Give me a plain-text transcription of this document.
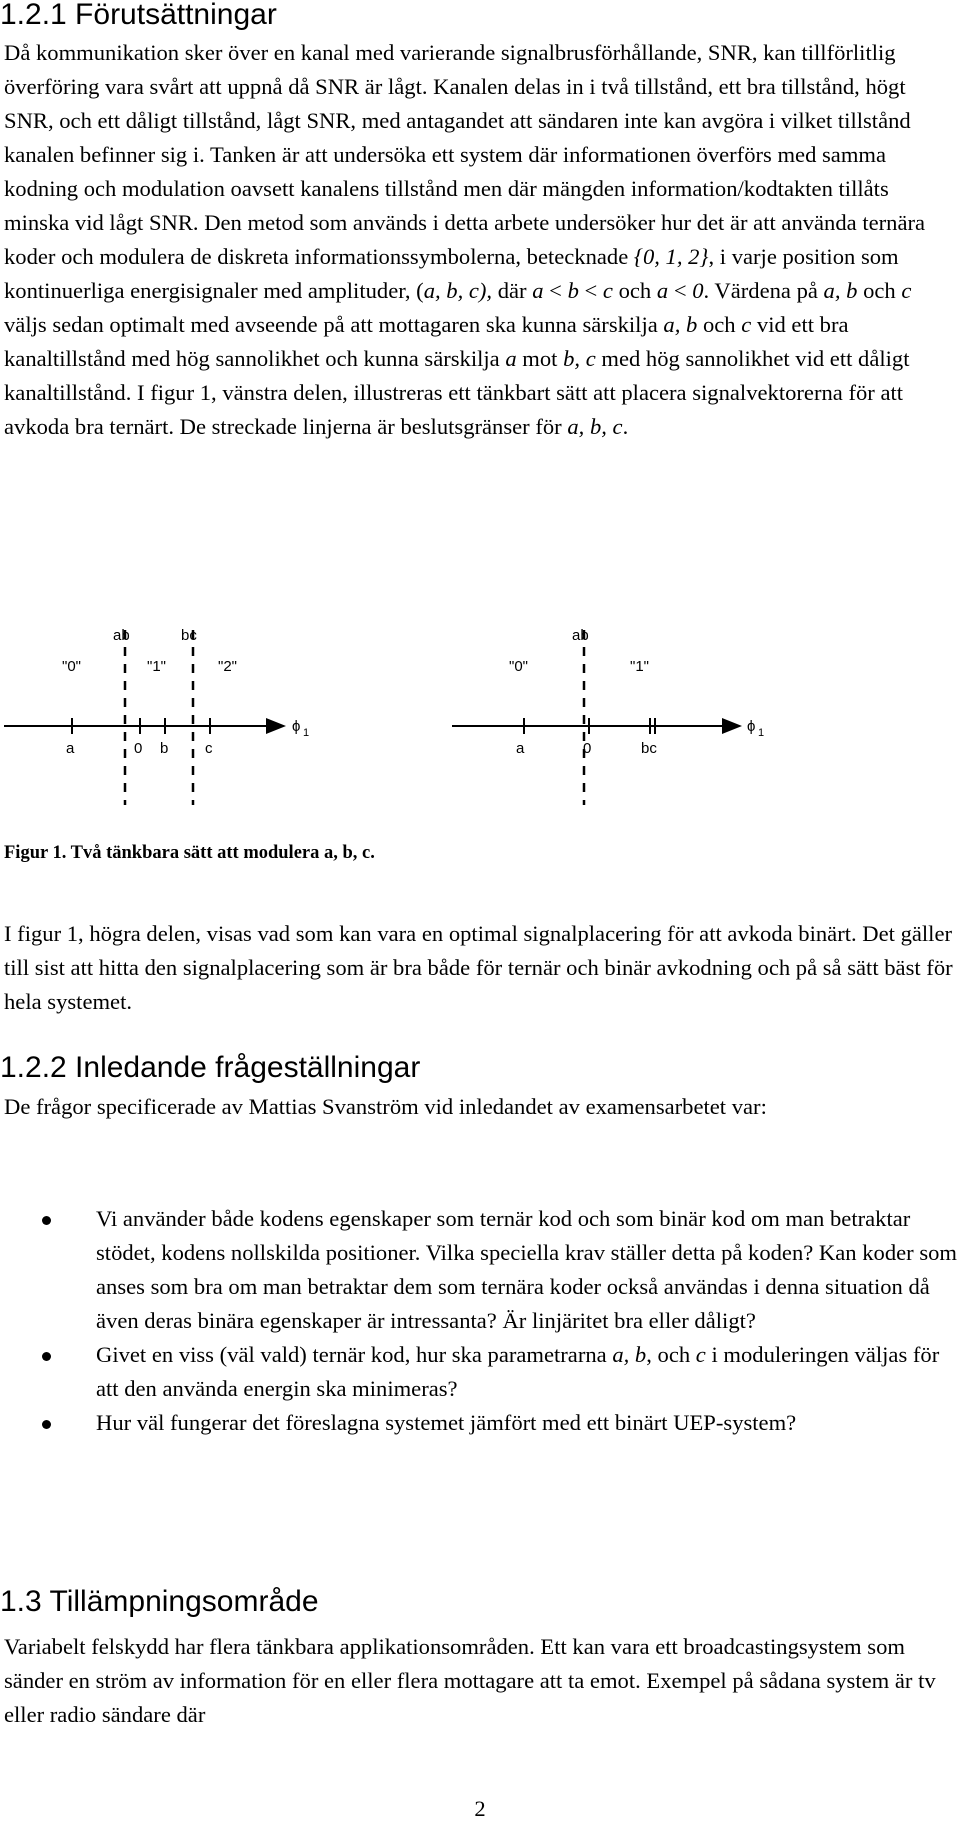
1.2.1 Förutsättningar

Då kommunikation sker över en kanal med varierande signalbrusförhållande, SNR, kan tillförlitlig överföring vara svårt att uppnå då SNR är lågt. Kanalen delas in i två tillstånd, ett bra tillstånd, högt SNR, och ett dåligt tillstånd, lågt SNR, med antagandet att sändaren inte kan avgöra i vilket tillstånd kanalen befinner sig i. Tanken är att undersöka ett system där informationen överförs med samma kodning och modulation oavsett kanalens tillstånd men där mängden information/kodtakten tillåts minska vid lågt SNR. Den metod som används i detta arbete undersöker hur det är att använda ternära koder och modulera de diskreta informationssymbolerna, betecknade {0, 1, 2}, i varje position som kontinuerliga energisignaler med amplituder, (a, b, c), där a < b < c och a < 0. Värdena på a, b och c väljs sedan optimalt med avseende på att mottagaren ska kunna särskilja a, b och c vid ett bra kanaltillstånd med hög sannolikhet och kunna särskilja a mot b, c med hög sannolikhet vid ett dåligt kanaltillstånd. I figur 1, vänstra delen, illustreras ett tänkbart sätt att placera signalvektorerna för att avkoda bra ternärt. De streckade linjerna är beslutsgränser för a, b, c.

ϕ 1
ab	bc
"0"	"1"	"2"
a	0 b c
ϕ 1
ab
"0"	"1"
a	0	bc

Figur 1. Två tänkbara sätt att modulera a, b, c.

I figur 1, högra delen, visas vad som kan vara en optimal signalplacering för att avkoda binärt. Det gäller till sist att hitta den signalplacering som är bra både för ternär och binär avkodning och på så sätt bäst för hela systemet.

1.2.2 Inledande frågeställningar

De frågor specificerade av Mattias Svanström vid inledandet av examensarbetet var:

Vi använder både kodens egenskaper som ternär kod och som binär kod om man betraktar stödet, kodens nollskilda positioner. Vilka speciella krav ställer detta på koden? Kan koder som anses som bra om man betraktar dem som ternära koder också användas i denna situation då även deras binära egenskaper är intressanta? Är linjäritet bra eller dåligt?
Givet en viss (väl vald) ternär kod, hur ska parametrarna a, b, och c i moduleringen väljas för att den använda energin ska minimeras?
Hur väl fungerar det föreslagna systemet jämfört med ett binärt UEP-system?
1.3 Tillämpningsområde

Variabelt felskydd har flera tänkbara applikationsområden. Ett kan vara ett broadcastingsystem som sänder en ström av information för en eller flera mottagare att ta emot. Exempel på sådana system är tv eller radio sändare där

2
